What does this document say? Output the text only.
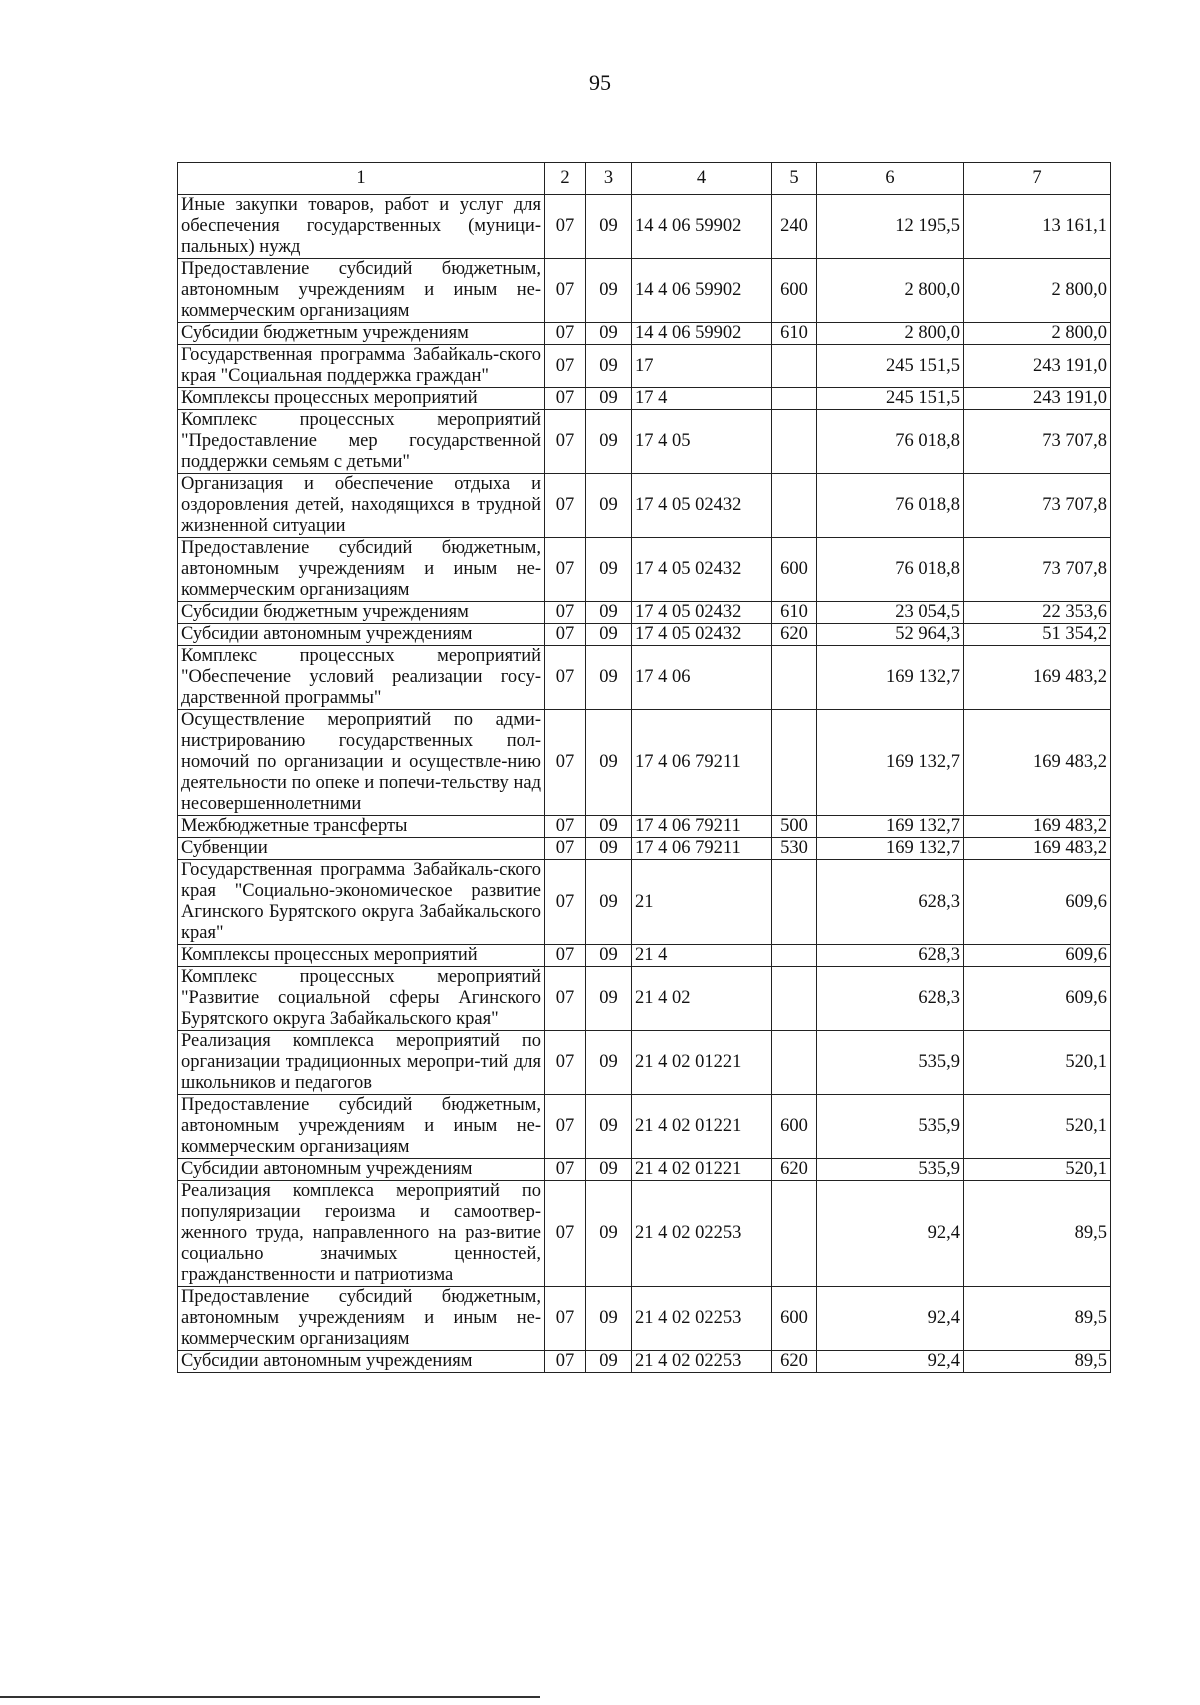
95
1	2	3	4	5	6	7
Иные закупки товаров, работ и услуг для обеспечения государственных (муници-пальных) нужд	07	09	14 4 06 59902	240	12 195,5	13 161,1
Предоставление субсидий бюджетным, автономным учреждениям и иным не-коммерческим организациям	07	09	14 4 06 59902	600	2 800,0	2 800,0
Субсидии бюджетным учреждениям	07	09	14 4 06 59902	610	2 800,0	2 800,0
Государственная программа Забайкаль-ского края "Социальная поддержка граждан"	07	09	17		245 151,5	243 191,0
Комплексы процессных мероприятий	07	09	17 4		245 151,5	243 191,0
Комплекс процессных мероприятий "Предоставление мер государственной поддержки семьям с детьми"	07	09	17 4 05		76 018,8	73 707,8
Организация и обеспечение отдыха и оздоровления детей, находящихся в трудной жизненной ситуации	07	09	17 4 05 02432		76 018,8	73 707,8
Предоставление субсидий бюджетным, автономным учреждениям и иным не-коммерческим организациям	07	09	17 4 05 02432	600	76 018,8	73 707,8
Субсидии бюджетным учреждениям	07	09	17 4 05 02432	610	23 054,5	22 353,6
Субсидии автономным учреждениям	07	09	17 4 05 02432	620	52 964,3	51 354,2
Комплекс процессных мероприятий "Обеспечение условий реализации госу-дарственной программы"	07	09	17 4 06		169 132,7	169 483,2
Осуществление мероприятий по адми-нистрированию государственных пол-номочий по организации и осуществле-нию деятельности по опеке и попечи-тельству над несовершеннолетними	07	09	17 4 06 79211		169 132,7	169 483,2
Межбюджетные трансферты	07	09	17 4 06 79211	500	169 132,7	169 483,2
Субвенции	07	09	17 4 06 79211	530	169 132,7	169 483,2
Государственная программа Забайкаль-ского края "Социально-экономическое развитие Агинского Бурятского округа Забайкальского края"	07	09	21		628,3	609,6
Комплексы процессных мероприятий	07	09	21 4		628,3	609,6
Комплекс процессных мероприятий "Развитие социальной сферы Агинского Бурятского округа Забайкальского края"	07	09	21 4 02		628,3	609,6
Реализация комплекса мероприятий по организации традиционных меропри-тий для школьников и педагогов	07	09	21 4 02 01221		535,9	520,1
Предоставление субсидий бюджетным, автономным учреждениям и иным не-коммерческим организациям	07	09	21 4 02 01221	600	535,9	520,1
Субсидии автономным учреждениям	07	09	21 4 02 01221	620	535,9	520,1
Реализация комплекса мероприятий по популяризации героизма и самоотвер-женного труда, направленного на раз-витие социально значимых ценностей, гражданственности и патриотизма	07	09	21 4 02 02253		92,4	89,5
Предоставление субсидий бюджетным, автономным учреждениям и иным не-коммерческим организациям	07	09	21 4 02 02253	600	92,4	89,5
Субсидии автономным учреждениям	07	09	21 4 02 02253	620	92,4	89,5
